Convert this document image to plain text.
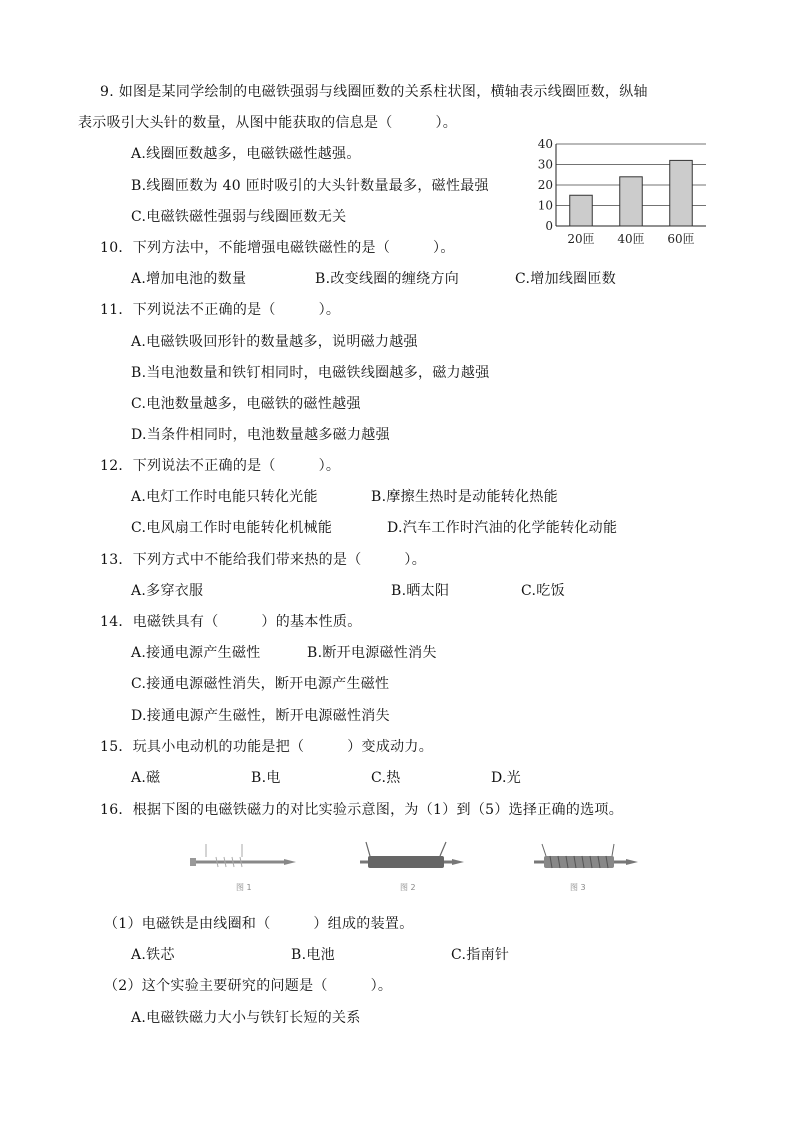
9. 如图是某同学绘制的电磁铁强弱与线圈匝数的关系柱状图，横轴表示线圈匝数，纵轴
表示吸引大头针的数量，从图中能获取的信息是（　　　）。
A.线圈匝数越多，电磁铁磁性越强。
B.线圈匝数为 40 匝时吸引的大头针数量最多，磁性最强
C.电磁铁磁性强弱与线圈匝数无关
0
10
20
30
40
20匝 40匝 60匝
10．下列方法中，不能增强电磁铁磁性的是（　　　）。
A.增加电池的数量	B.改变线圈的缠绕方向	C.增加线圈匝数
11．下列说法不正确的是（　　　）。
A.电磁铁吸回形针的数量越多，说明磁力越强
B.当电池数量和铁钉相同时，电磁铁线圈越多，磁力越强
C.电池数量越多，电磁铁的磁性越强
D.当条件相同时，电池数量越多磁力越强
12．下列说法不正确的是（　　　）。
A.电灯工作时电能只转化光能	B.摩擦生热时是动能转化热能
C.电风扇工作时电能转化机械能	D.汽车工作时汽油的化学能转化动能
13．下列方式中不能给我们带来热的是（　　　）。
A.多穿衣服	B.晒太阳	C.吃饭
14．电磁铁具有（　　　）的基本性质。
A.接通电源产生磁性	B.断开电源磁性消失
C.接通电源磁性消失，断开电源产生磁性
D.接通电源产生磁性，断开电源磁性消失
15．玩具小电动机的功能是把（　　　）变成动力。
A.磁	B.电	C.热	D.光
16．根据下图的电磁铁磁力的对比实验示意图，为（1）到（5）选择正确的选项。
图 1	图 2	图 3
（1）电磁铁是由线圈和（　　　）组成的装置。
A.铁芯	B.电池	C.指南针
（2）这个实验主要研究的问题是（　　　）。
A.电磁铁磁力大小与铁钉长短的关系
